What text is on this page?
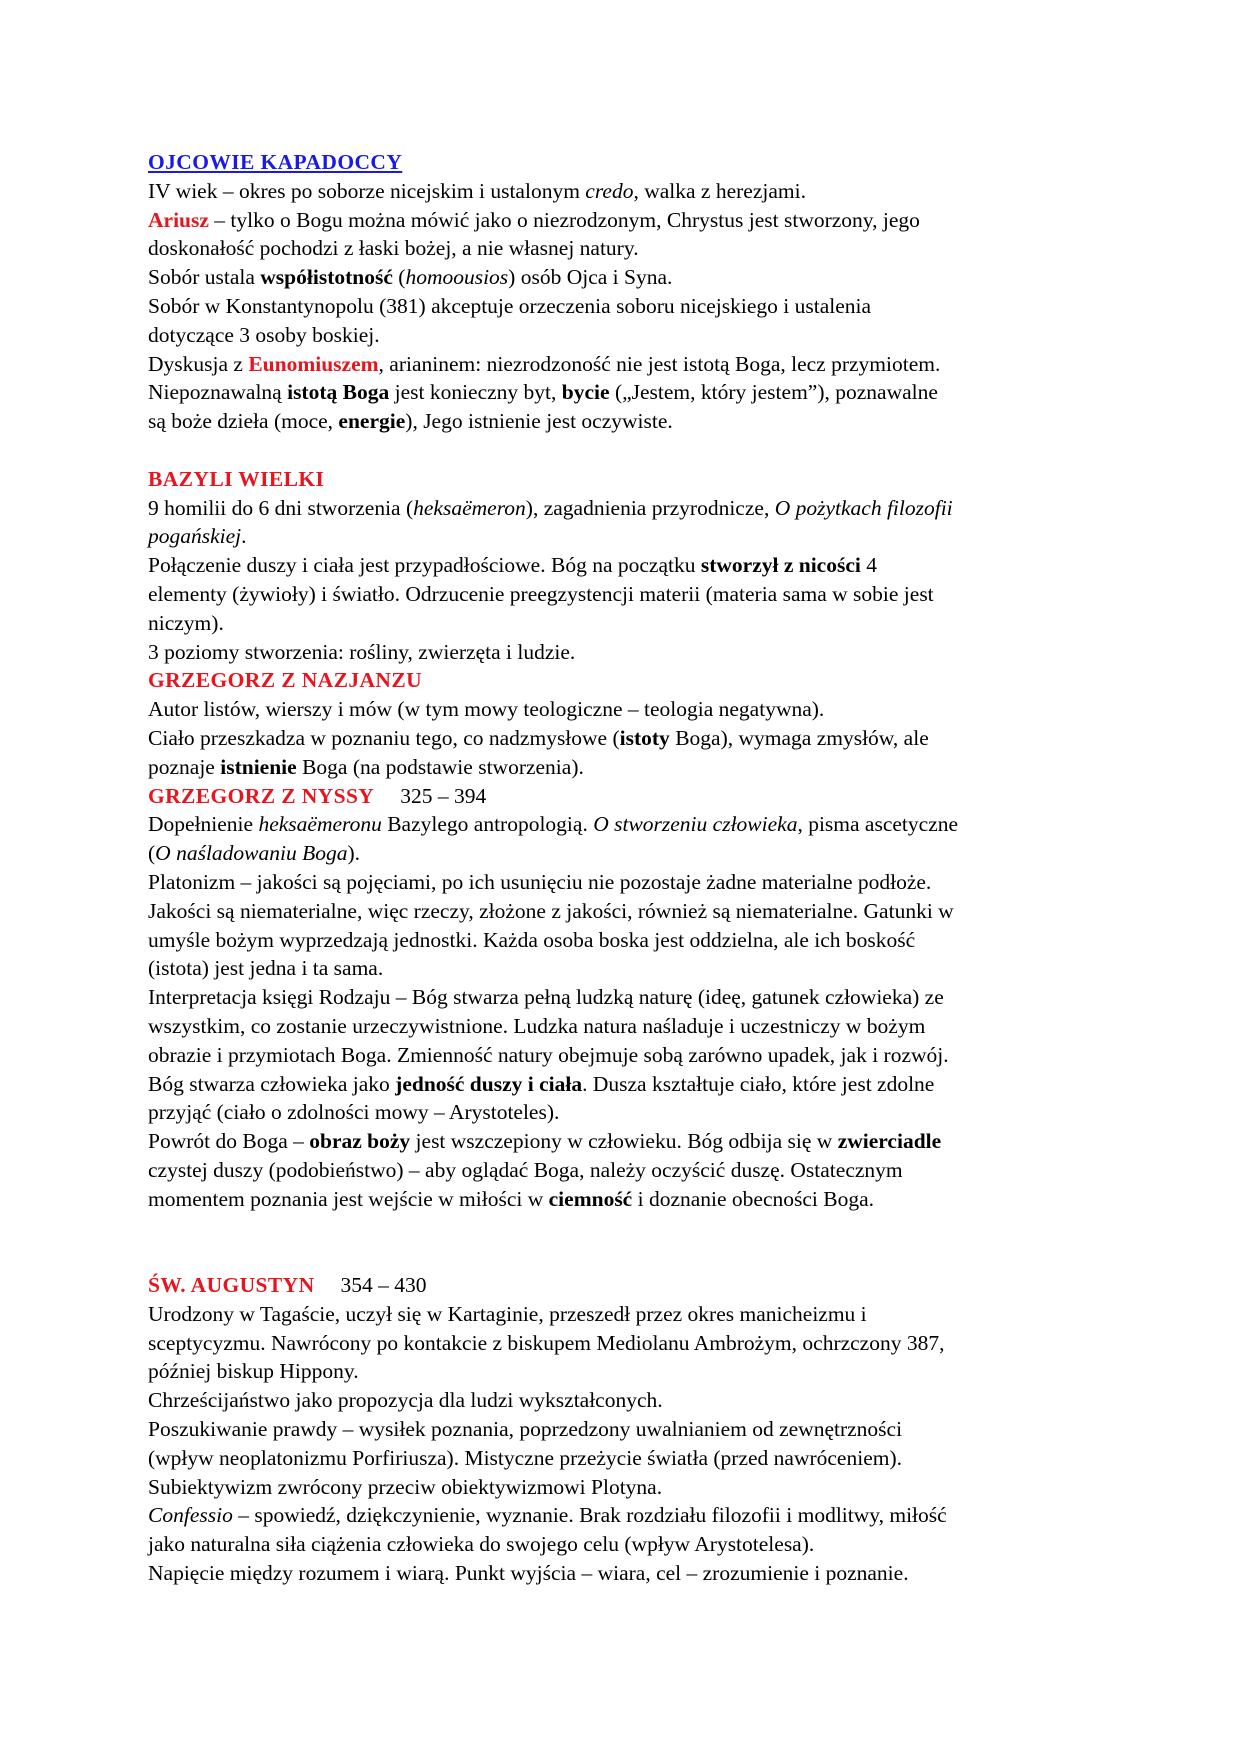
OJCOWIE KAPADOCCY
IV wiek – okres po soborze nicejskim i ustalonym credo, walka z herezjami.
Ariusz – tylko o Bogu można mówić jako o niezrodzonym, Chrystus jest stworzony, jego
doskonałość pochodzi z łaski bożej, a nie własnej natury.
Sobór ustala współistotność (homoousios) osób Ojca i Syna.
Sobór w Konstantynopolu (381) akceptuje orzeczenia soboru nicejskiego i ustalenia
dotyczące 3 osoby boskiej.
Dyskusja z Eunomiuszem, arianinem: niezrodzoność nie jest istotą Boga, lecz przymiotem.
Niepoznawalną istotą Boga jest konieczny byt, bycie („Jestem, który jestem”), poznawalne
są boże dzieła (moce, energie), Jego istnienie jest oczywiste.
BAZYLI WIELKI
9 homilii do 6 dni stworzenia (heksaëmeron), zagadnienia przyrodnicze, O pożytkach filozofii
pogańskiej.
Połączenie duszy i ciała jest przypadłościowe. Bóg na początku stworzył z nicości 4
elementy (żywioły) i światło. Odrzucenie preegzystencji materii (materia sama w sobie jest
niczym).
3 poziomy stworzenia: rośliny, zwierzęta i ludzie.
GRZEGORZ Z NAZJANZU
Autor listów, wierszy i mów (w tym mowy teologiczne – teologia negatywna).
Ciało przeszkadza w poznaniu tego, co nadzmysłowe (istoty Boga), wymaga zmysłów, ale
poznaje istnienie Boga (na podstawie stworzenia).
GRZEGORZ Z NYSSY 325 – 394
Dopełnienie heksaëmeronu Bazylego antropologią. O stworzeniu człowieka, pisma ascetyczne
(O naśladowaniu Boga).
Platonizm – jakości są pojęciami, po ich usunięciu nie pozostaje żadne materialne podłoże.
Jakości są niematerialne, więc rzeczy, złożone z jakości, również są niematerialne. Gatunki w
umyśle bożym wyprzedzają jednostki. Każda osoba boska jest oddzielna, ale ich boskość
(istota) jest jedna i ta sama.
Interpretacja księgi Rodzaju – Bóg stwarza pełną ludzką naturę (ideę, gatunek człowieka) ze
wszystkim, co zostanie urzeczywistnione. Ludzka natura naśladuje i uczestniczy w bożym
obrazie i przymiotach Boga. Zmienność natury obejmuje sobą zarówno upadek, jak i rozwój.
Bóg stwarza człowieka jako jedność duszy i ciała. Dusza kształtuje ciało, które jest zdolne
przyjąć (ciało o zdolności mowy – Arystoteles).
Powrót do Boga – obraz boży jest wszczepiony w człowieku. Bóg odbija się w zwierciadle
czystej duszy (podobieństwo) – aby oglądać Boga, należy oczyścić duszę. Ostatecznym
momentem poznania jest wejście w miłości w ciemność i doznanie obecności Boga.
ŚW. AUGUSTYN 354 – 430
Urodzony w Tagaście, uczył się w Kartaginie, przeszedł przez okres manicheizmu i
sceptycyzmu. Nawrócony po kontakcie z biskupem Mediolanu Ambrożym, ochrzczony 387,
później biskup Hippony.
Chrześcijaństwo jako propozycja dla ludzi wykształconych.
Poszukiwanie prawdy – wysiłek poznania, poprzedzony uwalnianiem od zewnętrzności
(wpływ neoplatonizmu Porfiriusza). Mistyczne przeżycie światła (przed nawróceniem).
Subiektywizm zwrócony przeciw obiektywizmowi Plotyna.
Confessio – spowiedź, dziękczynienie, wyznanie. Brak rozdziału filozofii i modlitwy, miłość
jako naturalna siła ciążenia człowieka do swojego celu (wpływ Arystotelesa).
Napięcie między rozumem i wiarą. Punkt wyjścia – wiara, cel – zrozumienie i poznanie.
